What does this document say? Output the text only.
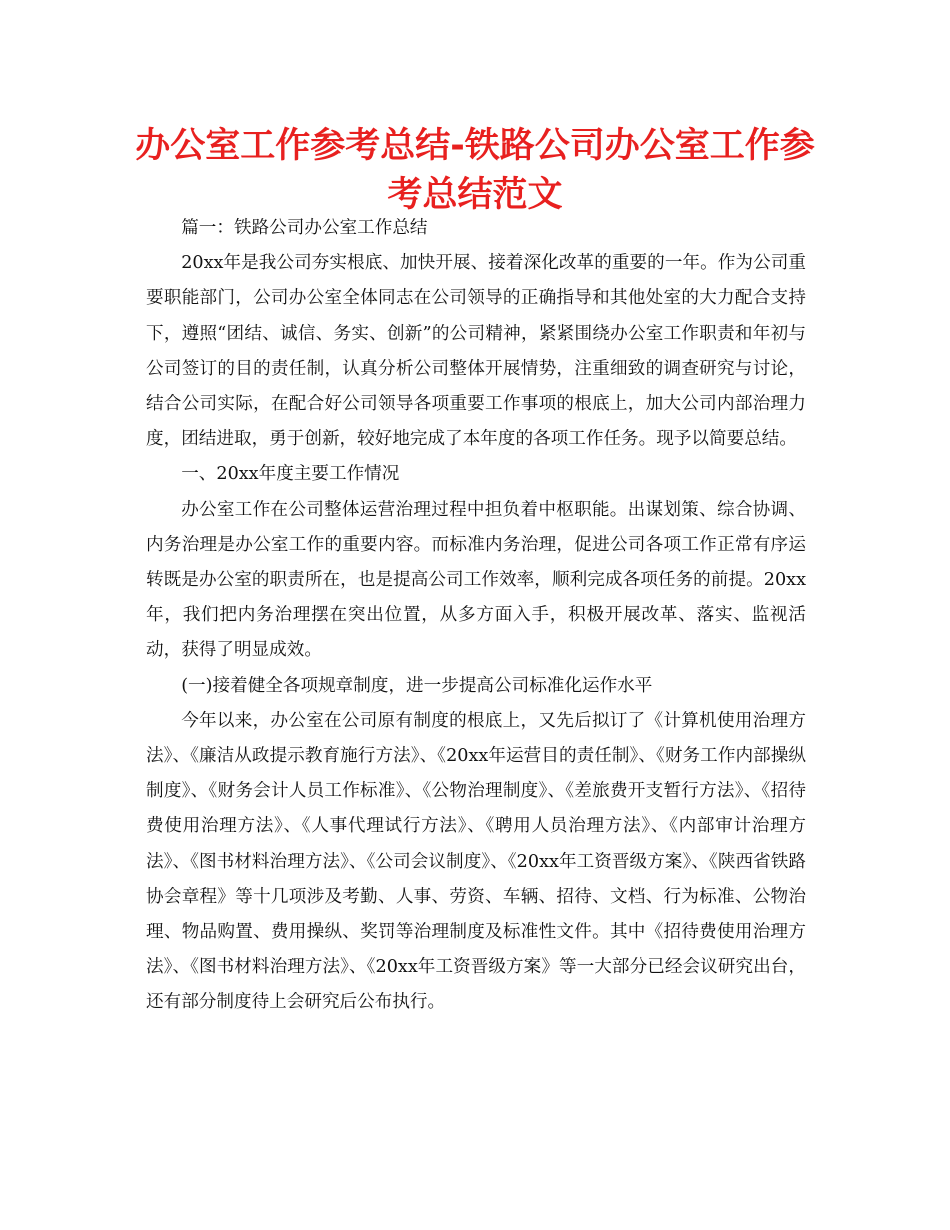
办公室工作参考总结-铁路公司办公室工作参考总结范文

篇一：铁路公司办公室工作总结

20xx年是我公司夯实根底、加快开展、接着深化改革的重要的一年。作为公司重要职能部门，公司办公室全体同志在公司领导的正确指导和其他处室的大力配合支持下，遵照“团结、诚信、务实、创新”的公司精神，紧紧围绕办公室工作职责和年初与公司签订的目的责任制，认真分析公司整体开展情势，注重细致的调查研究与讨论，结合公司实际，在配合好公司领导各项重要工作事项的根底上，加大公司内部治理力度，团结进取，勇于创新，较好地完成了本年度的各项工作任务。现予以简要总结。

一、20xx年度主要工作情况

办公室工作在公司整体运营治理过程中担负着中枢职能。出谋划策、综合协调、内务治理是办公室工作的重要内容。而标准内务治理，促进公司各项工作正常有序运转既是办公室的职责所在，也是提高公司工作效率，顺利完成各项任务的前提。20xx年，我们把内务治理摆在突出位置，从多方面入手，积极开展改革、落实、监视活动，获得了明显成效。

(一)接着健全各项规章制度，进一步提高公司标准化运作水平

今年以来，办公室在公司原有制度的根底上，又先后拟订了《计算机使用治理方法》、《廉洁从政提示教育施行方法》、《20xx年运营目的责任制》、《财务工作内部操纵制度》、《财务会计人员工作标准》、《公物治理制度》、《差旅费开支暂行方法》、《招待费使用治理方法》、《人事代理试行方法》、《聘用人员治理方法》、《内部审计治理方法》、《图书材料治理方法》、《公司会议制度》、《20xx年工资晋级方案》、《陕西省铁路协会章程》等十几项涉及考勤、人事、劳资、车辆、招待、文档、行为标准、公物治理、物品购置、费用操纵、奖罚等治理制度及标准性文件。其中《招待费使用治理方法》、《图书材料治理方法》、《20xx年工资晋级方案》等一大部分已经会议研究出台，还有部分制度待上会研究后公布执行。
